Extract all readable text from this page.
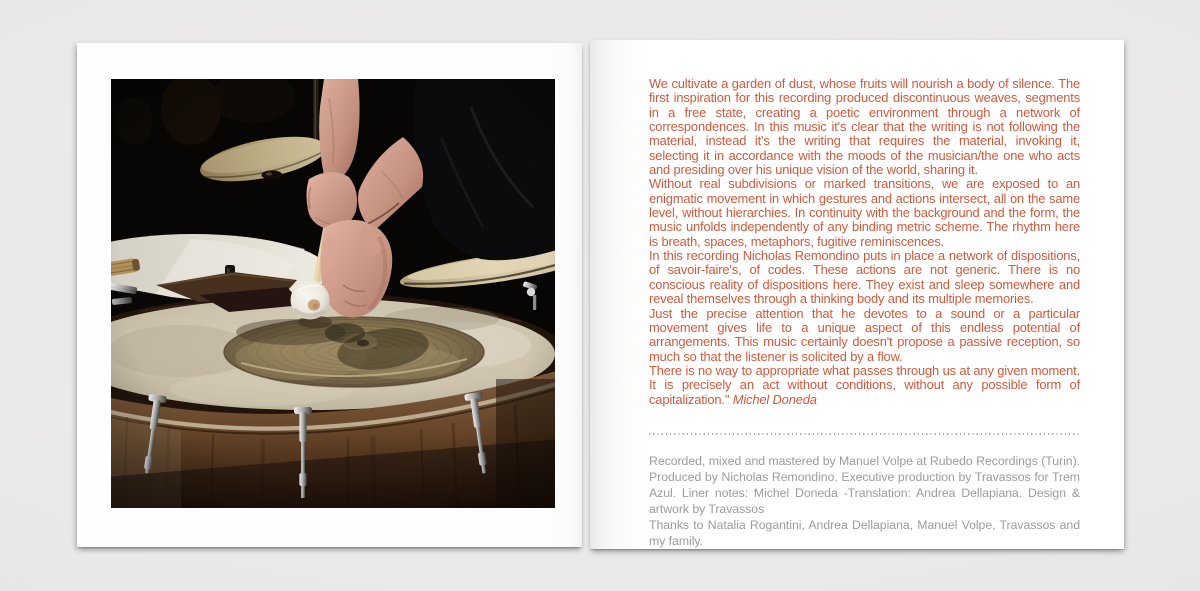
We cultivate a garden of dust, whose fruits will nourish a body of silence. The first inspiration for this recording produced discontinuous weaves, segments in a free state, creating a poetic environment through a network of correspondences. In this music it's clear that the writing is not following the material, instead it's the writing that requires the material, invoking it, selecting it in accordance with the moods of the musician/the one who acts and presiding over his unique vision of the world, sharing it.

Without real subdivisions or marked transitions, we are exposed to an enigmatic movement in which gestures and actions intersect, all on the same level, without hierarchies. In continuity with the background and the form, the music unfolds independently of any binding metric scheme. The rhythm here is breath, spaces, metaphors, fugitive reminiscences.

In this recording Nicholas Remondino puts in place a network of dispositions, of savoir-faire's, of codes. These actions are not generic. There is no conscious reality of dispositions here. They exist and sleep somewhere and reveal themselves through a thinking body and its multiple memories.

Just the precise attention that he devotes to a sound or a particular movement gives life to a unique aspect of this endless potential of arrangements. This music certainly doesn't propose a passive reception, so much so that the listener is solicited by a flow.

There is no way to appropriate what passes through us at any given moment. It is precisely an act without conditions, without any possible form of capitalization." Michel Doneda

Recorded, mixed and mastered by Manuel Volpe at Rubedo Recordings (Turin). Produced by Nicholas Remondino. Executive production by Travassos for Trem Azul. Liner notes: Michel Doneda -Translation: Andrea Dellapiana. Design & artwork by Travassos

Thanks to Natalia Rogantini, Andrea Dellapiana, Manuel Volpe, Travassos and my family.
